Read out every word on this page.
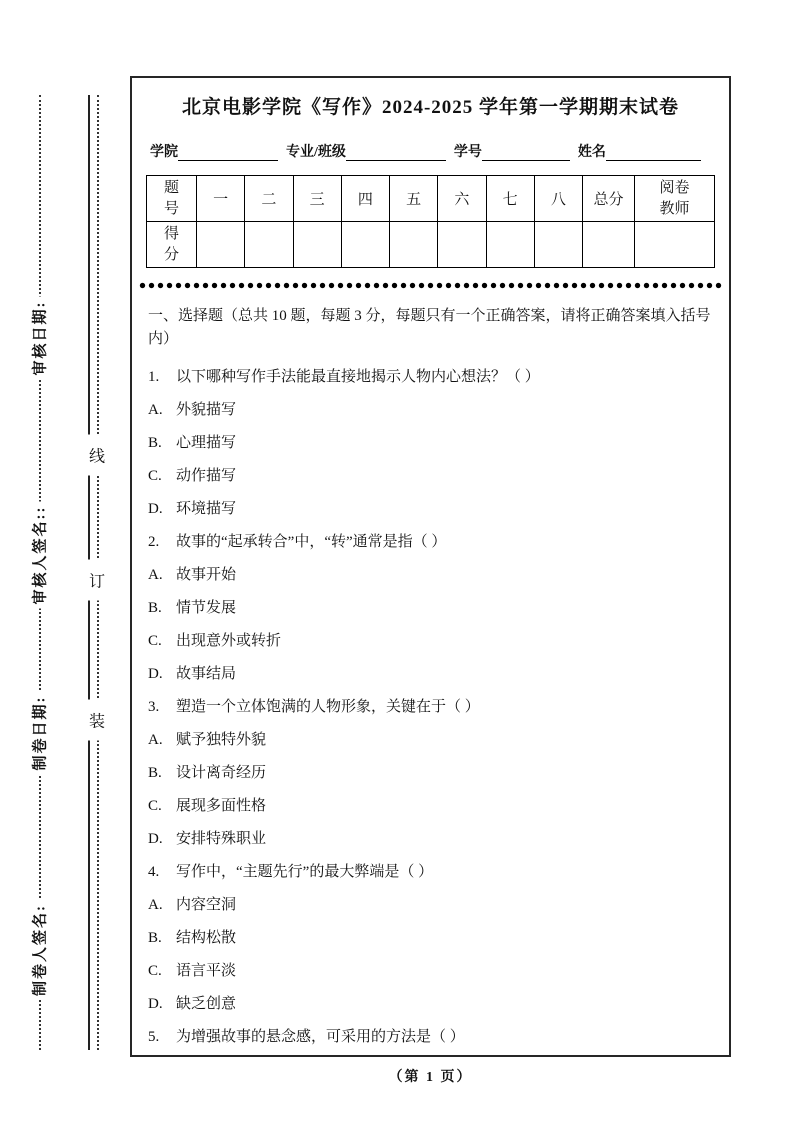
审核日期:
审核人签名::
制卷日期:
制卷人签名:
线
订
装
北京电影学院《写作》2024-2025 学年第一学期期末试卷
学院	专业/班级	学号	姓名
题号	一	二	三	四	五	六	七	八	总分	阅卷教师
得分										
一、选择题（总共 10 题，每题 3 分，每题只有一个正确答案，请将正确答案填入括号内）
1.	以下哪种写作手法能最直接地揭示人物内心想法？（ ）
A. 外貌描写
B. 心理描写
C. 动作描写
D. 环境描写
2.	故事的“起承转合”中，“转”通常是指（ ）
A. 故事开始
B. 情节发展
C. 出现意外或转折
D. 故事结局
3.	塑造一个立体饱满的人物形象，关键在于（ ）
A. 赋予独特外貌
B. 设计离奇经历
C. 展现多面性格
D. 安排特殊职业
4.	写作中，“主题先行”的最大弊端是（ ）
A. 内容空洞
B. 结构松散
C. 语言平淡
D. 缺乏创意
5.	为增强故事的悬念感，可采用的方法是（ ）
（第 1 页）
